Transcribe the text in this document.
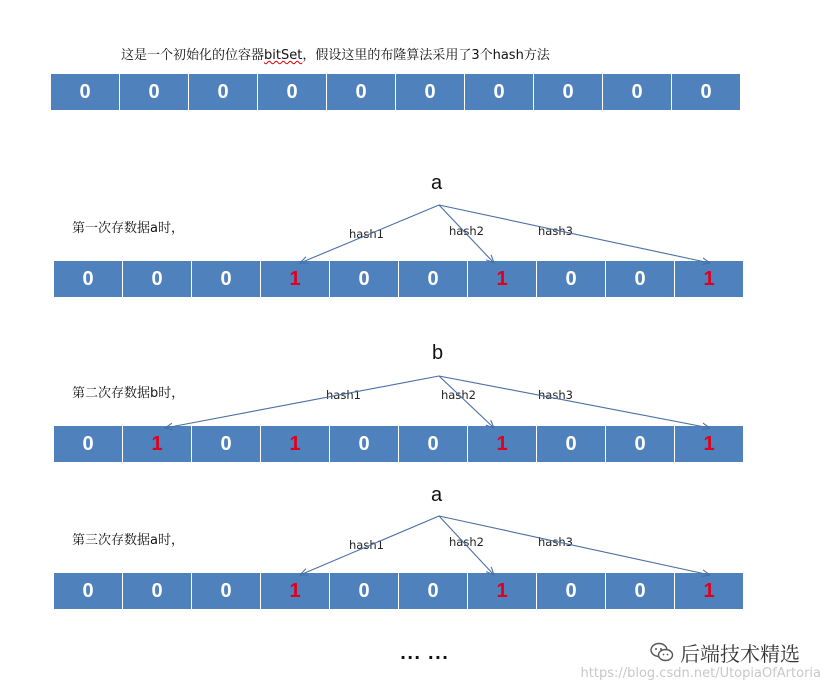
这是一个初始化的位容器bitSet，假设这里的布隆算法采用了3个hash方法
0	0	0	0	0	0	0	0	0	0
第一次存数据a时，
a
hash1	hash2	hash3
0	0	0	1	0	0	1	0	0	1
第二次存数据b时，
b
hash1	hash2	hash3
0	1	0	1	0	0	1	0	0	1
第三次存数据a时，
a
hash1	hash2	hash3
0	0	0	1	0	0	1	0	0	1
... ...	后端技术精选
https://blog.csdn.net/UtopiaOfArtoria
